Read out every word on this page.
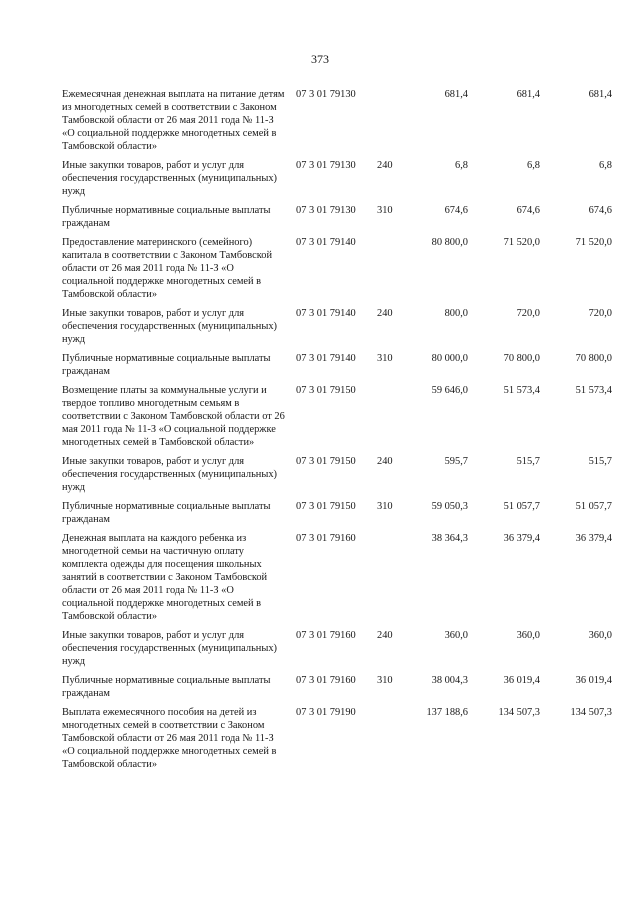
373
Ежемесячная денежная выплата на питание детям из многодетных семей в соответствии с Законом Тамбовской области от 26 мая 2011 года № 11-З «О социальной поддержке многодетных семей в Тамбовской области»
07 3 01 79130	681,4	681,4	681,4
Иные закупки товаров, работ и услуг для обеспечения государственных (муниципальных) нужд
07 3 01 79130 240	6,8	6,8	6,8
Публичные нормативные социальные выплаты гражданам
07 3 01 79130 310	674,6	674,6	674,6
Предоставление материнского (семейного) капитала в соответствии с Законом Тамбовской области от 26 мая 2011 года № 11-З «О социальной поддержке многодетных семей в Тамбовской области»
07 3 01 79140	80 800,0	71 520,0	71 520,0
Иные закупки товаров, работ и услуг для обеспечения государственных (муниципальных) нужд
07 3 01 79140 240	800,0	720,0	720,0
Публичные нормативные социальные выплаты гражданам
07 3 01 79140 310	80 000,0	70 800,0	70 800,0
Возмещение платы за коммунальные услуги и твердое топливо многодетным семьям в соответствии с Законом Тамбовской области от 26 мая 2011 года № 11-З «О социальной поддержке многодетных семей в Тамбовской области»
07 3 01 79150	59 646,0	51 573,4	51 573,4
Иные закупки товаров, работ и услуг для обеспечения государственных (муниципальных) нужд
07 3 01 79150 240	595,7	515,7	515,7
Публичные нормативные социальные выплаты гражданам
07 3 01 79150 310	59 050,3	51 057,7	51 057,7
Денежная выплата на каждого ребенка из многодетной семьи на частичную оплату комплекта одежды для посещения школьных занятий в соответствии с Законом Тамбовской области от 26 мая 2011 года № 11-З «О социальной поддержке многодетных семей в Тамбовской области»
07 3 01 79160	38 364,3	36 379,4	36 379,4
Иные закупки товаров, работ и услуг для обеспечения государственных (муниципальных) нужд
07 3 01 79160 240	360,0	360,0	360,0
Публичные нормативные социальные выплаты гражданам
07 3 01 79160 310	38 004,3	36 019,4	36 019,4
Выплата ежемесячного пособия на детей из многодетных семей в соответствии с Законом Тамбовской области от 26 мая 2011 года № 11-З «О социальной поддержке многодетных семей в Тамбовской области»
07 3 01 79190	137 188,6	134 507,3	134 507,3
